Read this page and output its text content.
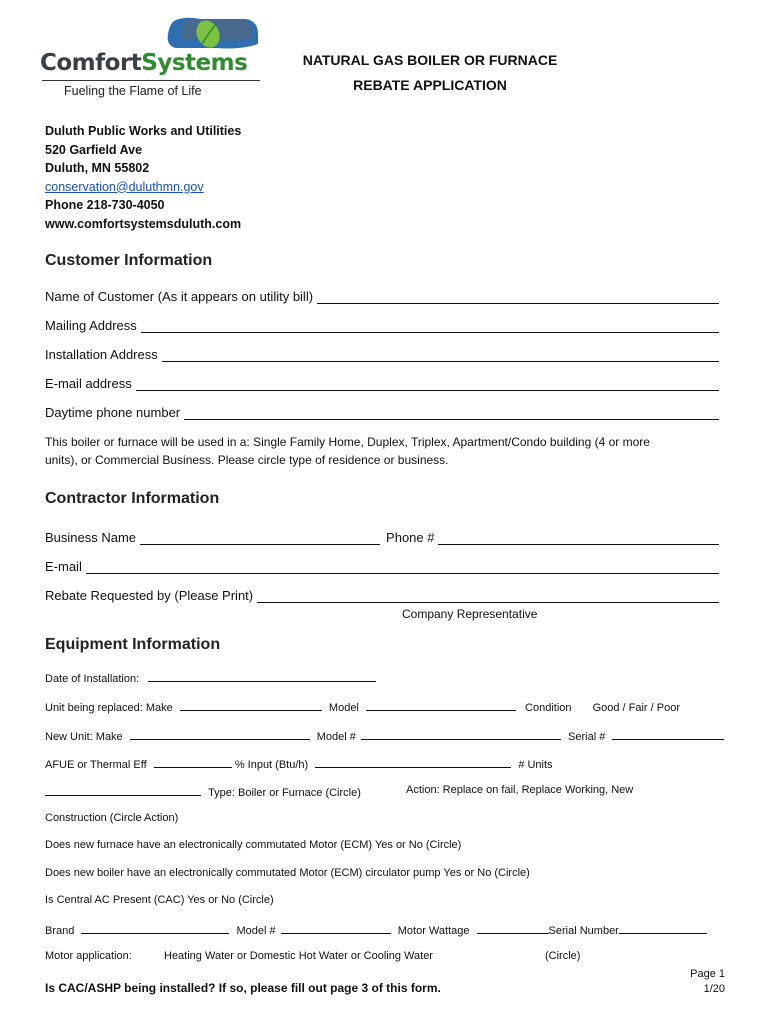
ComfortSystems
Fueling the Flame of Life
NATURAL GAS BOILER OR FURNACE
REBATE APPLICATION
Duluth Public Works and Utilities
520 Garfield Ave
Duluth, MN 55802
conservation@duluthmn.gov
Phone 218-730-4050
www.comfortsystemsduluth.com
Customer Information
Name of Customer (As it appears on utility bill)
Mailing Address
Installation Address
E-mail address
Daytime phone number
This boiler or furnace will be used in a: Single Family Home, Duplex, Triplex, Apartment/Condo building (4 or more
units), or Commercial Business. Please circle type of residence or business.
Contractor Information
Business Name	Phone #
E-mail
Rebate Requested by (Please Print)
Company Representative
Equipment Information
Date of Installation:
Unit being replaced: Make	Model	Condition Good / Fair / Poor
New Unit: Make	Model #	Serial #
AFUE or Thermal Eff	% Input (Btu/h)	# Units
Type: Boiler or Furnace (Circle)	Action: Replace on fail, Replace Working, New
Construction (Circle Action)
Does new furnace have an electronically commutated Motor (ECM) Yes or No (Circle)
Does new boiler have an electronically commutated Motor (ECM) circulator pump Yes or No (Circle)
Is Central AC Present (CAC) Yes or No (Circle)
Brand	Model #	Motor Wattage	Serial Number
Motor application:	Heating Water or Domestic Hot Water or Cooling Water	(Circle)
Is CAC/ASHP being installed? If so, please fill out page 3 of this form.
Page 1
1/20
